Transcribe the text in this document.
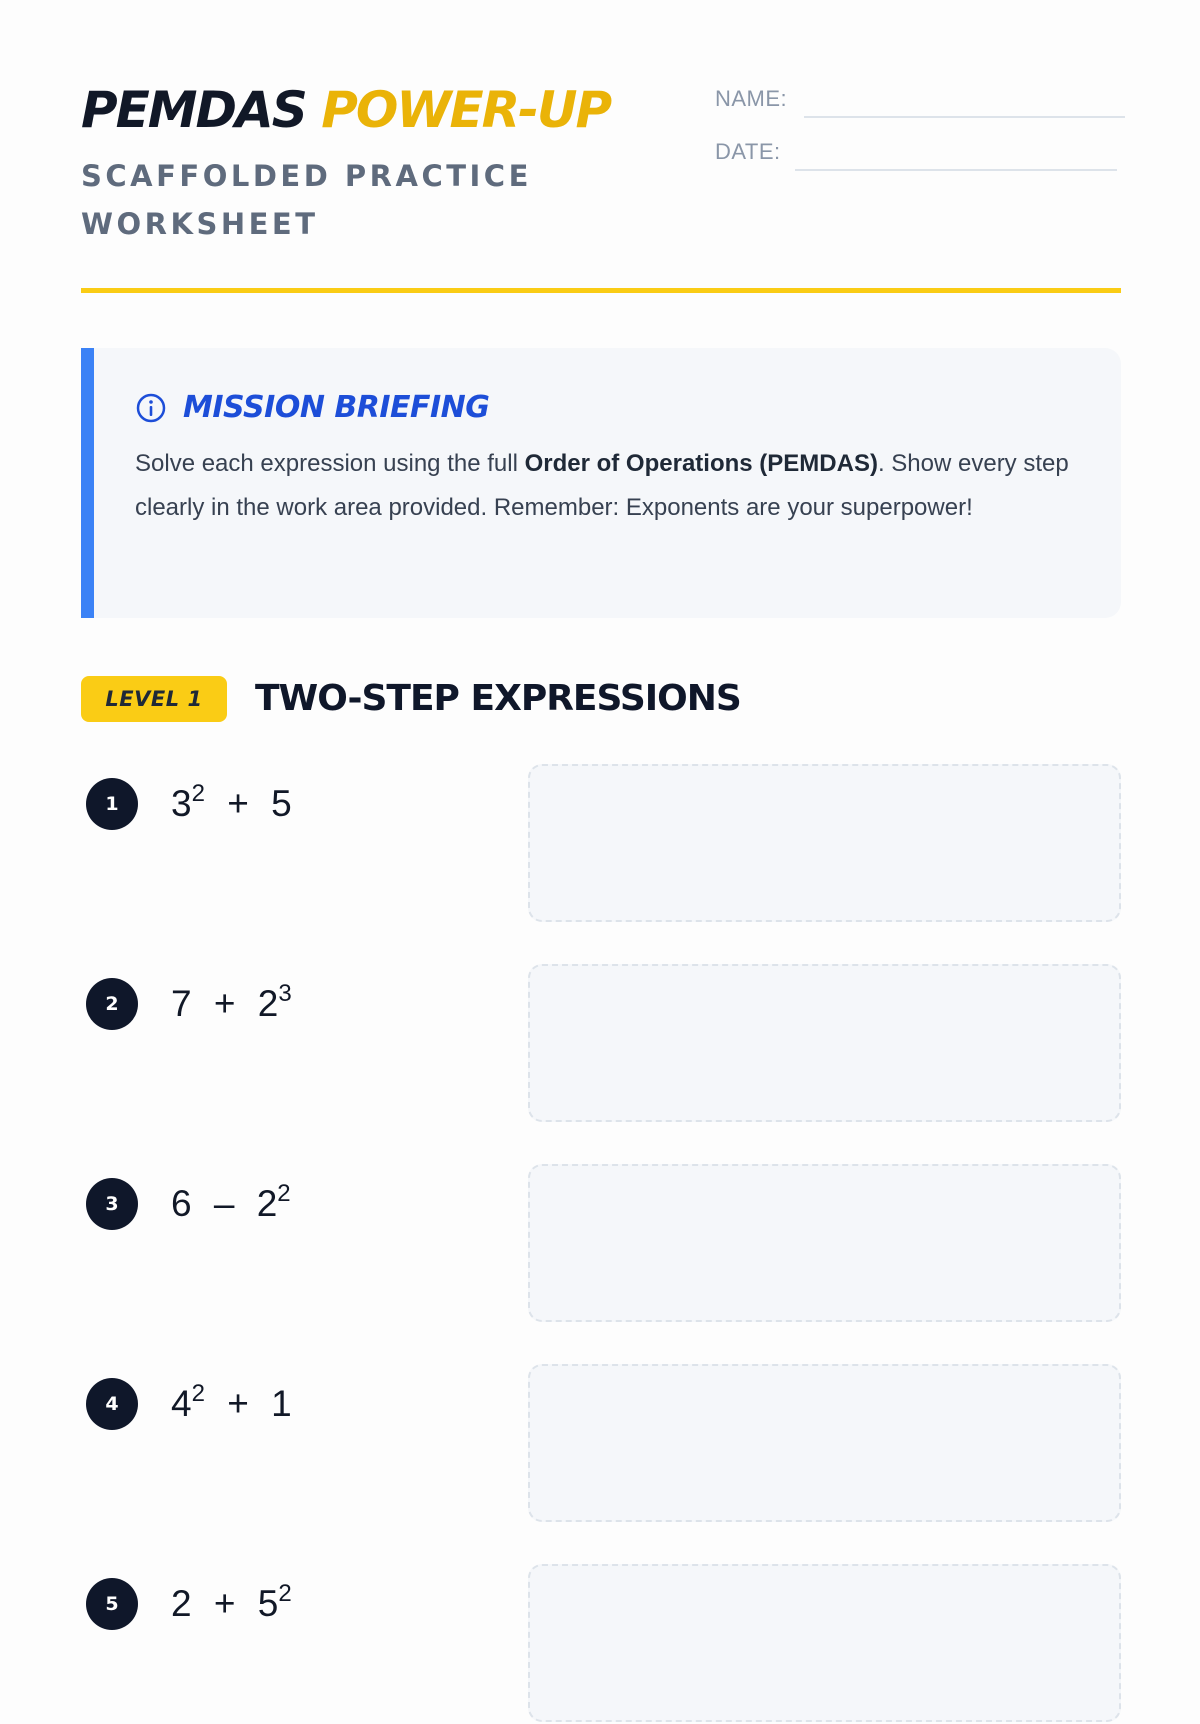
PEMDAS POWER-UP

SCAFFOLDED PRACTICE WORKSHEET

NAME:
DATE:
MISSION BRIEFING

Solve each expression using the full Order of Operations (PEMDAS). Show every step clearly in the work area provided. Remember: Exponents are your superpower!

LEVEL 1	TWO-STEP EXPRESSIONS
1	$3^2 + 5$
2	$7 + 2^3$
3	$6 - 2^2$
4	$4^2 + 1$
5	$2 + 5^2$
